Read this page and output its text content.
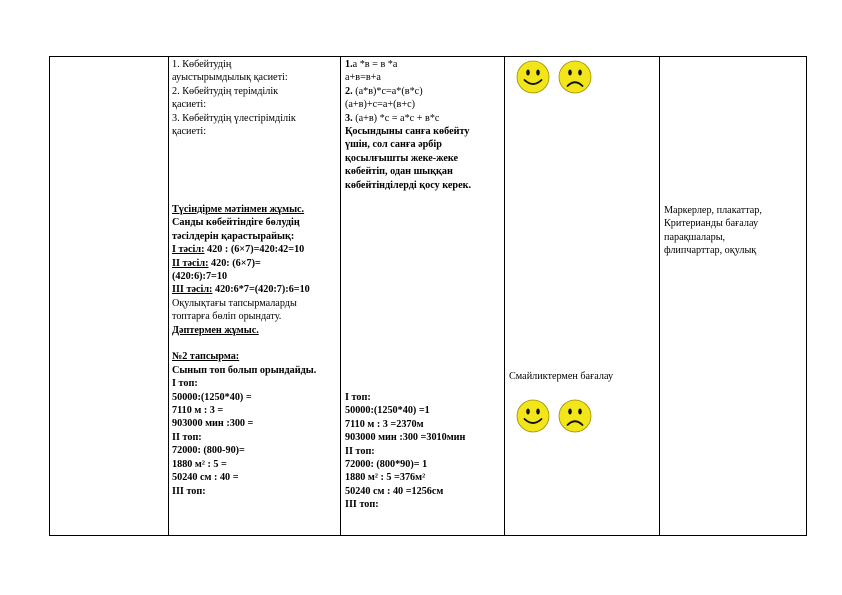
1. Көбейтудің
ауыстырымдылық қасиеті:
2. Көбейтудің терімділік
қасиеті:
3. Көбейтудің үлестірімділік
қасиеті:
Түсіндірме мәтінмен жұмыс.
Санды көбейтіндіге бөлудің
тәсілдерін қарастырайық:
I тәсіл: 420 : (6×7)=420:42=10
II тәсіл: 420: (6×7)=
(420:6):7=10
III тәсіл: 420:6*7=(420:7):6=10
Оқулықтағы тапсырмаларды
топтарға бөліп орындату.
Дәптермен жұмыс.
№2 тапсырма:
Сынып топ болып орындайды.
I топ:
50000:(1250*40) =
7110 м : 3 =
903000 мин :300 =
II топ:
72000: (800-90)=
1880 м² : 5 =
50240 см : 40 =
III топ:
1.а *в = в *а
а+в=в+а
2. (а*в)*с=а*(в*с)
(а+в)+с=а+(в+с)
3. (а+в) *с = а*с + в*с
Қосындыны санға көбейту
үшін, сол санға әрбір
қосылғышты жеке-жеке
көбейтіп, одан шыққан
көбейтінділерді қосу керек.
I топ:
50000:(1250*40) =1
7110 м : 3 =2370м
903000 мин :300 =3010мин
II топ:
72000: (800*90)= 1
1880 м² : 5 =376м²
50240 см : 40 =1256см
III топ:
Смайликтермен бағалау
Маркерлер, плакаттар,
Критерианды бағалау
парақшалары,
флипчарттар, оқулық
